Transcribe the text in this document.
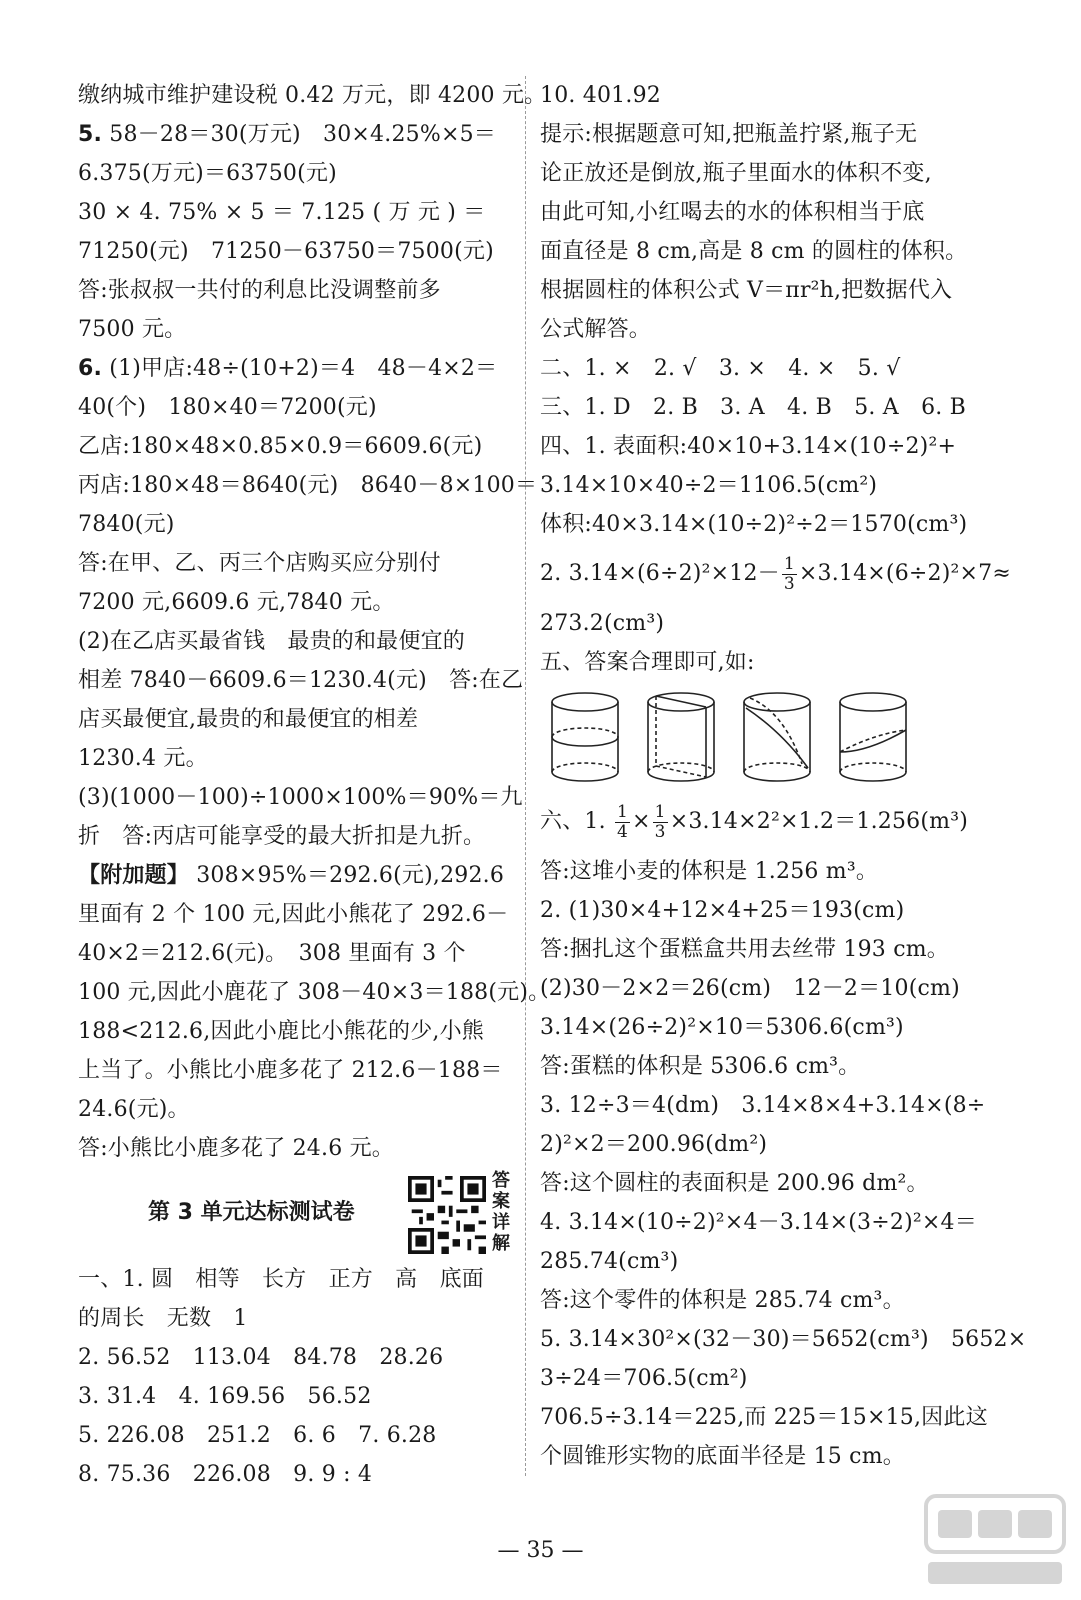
缴纳城市维护建设税 0.42 万元，即 4200 元。
5. 58－28＝30(万元)　30×4.25%×5＝
6.375(万元)＝63750(元)
30 × 4. 75% × 5 ＝ 7.125 ( 万 元 ) ＝
71250(元)　71250－63750＝7500(元)
答:张叔叔一共付的利息比没调整前多
7500 元。
6. (1)甲店:48÷(10+2)＝4　48－4×2＝
40(个)　180×40＝7200(元)
乙店:180×48×0.85×0.9＝6609.6(元)
丙店:180×48＝8640(元)　8640－8×100＝
7840(元)
答:在甲、乙、丙三个店购买应分别付
7200 元,6609.6 元,7840 元。
(2)在乙店买最省钱　最贵的和最便宜的
相差 7840－6609.6＝1230.4(元)　答:在乙
店买最便宜,最贵的和最便宜的相差
1230.4 元。
(3)(1000－100)÷1000×100%＝90%＝九
折　答:丙店可能享受的最大折扣是九折。
【附加题】 308×95%＝292.6(元),292.6
里面有 2 个 100 元,因此小熊花了 292.6－
40×2＝212.6(元)。　308 里面有 3 个
100 元,因此小鹿花了 308－40×3＝188(元)。
188<212.6,因此小鹿比小熊花的少,小熊
上当了。小熊比小鹿多花了 212.6－188＝
24.6(元)。
答:小熊比小鹿多花了 24.6 元。
第 3 单元达标测试卷
答案详解
一、1. 圆　相等　长方　正方　高　底面
的周长　无数　1
2. 56.52　113.04　84.78　28.26
3. 31.4　4. 169.56　56.52
5. 226.08　251.2　6. 6　7. 6.28
8. 75.36　226.08　9. 9 : 4
10. 401.92
提示:根据题意可知,把瓶盖拧紧,瓶子无
论正放还是倒放,瓶子里面水的体积不变,
由此可知,小红喝去的水的体积相当于底
面直径是 8 cm,高是 8 cm 的圆柱的体积。
根据圆柱的体积公式 V＝πr²h,把数据代入
公式解答。
二、1. ×　2. √　3. ×　4. ×　5. √
三、1. D　2. B　3. A　4. B　5. A　6. B
四、1. 表面积:40×10+3.14×(10÷2)²+
3.14×10×40÷2＝1106.5(cm²)
体积:40×3.14×(10÷2)²÷2＝1570(cm³)
2. $3.14\times(6\div 2)^2\times 12- \frac{1}{3} \times 3.14\times(6\div 2)^2\times 7\approx$
273.2(cm³)
五、答案合理即可,如:
六、1. $\frac{1}{4} \times \frac{1}{3} \times 3.14\times 2^2\times 1.2=1.256(m^3)$
答:这堆小麦的体积是 1.256 m³。
2. (1)30×4+12×4+25＝193(cm)
答:捆扎这个蛋糕盒共用去丝带 193 cm。
(2)30－2×2＝26(cm)　12－2＝10(cm)
3.14×(26÷2)²×10＝5306.6(cm³)
答:蛋糕的体积是 5306.6 cm³。
3. 12÷3＝4(dm)　3.14×8×4+3.14×(8÷
2)²×2＝200.96(dm²)
答:这个圆柱的表面积是 200.96 dm²。
4. 3.14×(10÷2)²×4－3.14×(3÷2)²×4＝
285.74(cm³)
答:这个零件的体积是 285.74 cm³。
5. 3.14×30²×(32－30)＝5652(cm³)　5652×
3÷24＝706.5(cm²)
706.5÷3.14＝225,而 225＝15×15,因此这
个圆锥形实物的底面半径是 15 cm。
— 35 —
